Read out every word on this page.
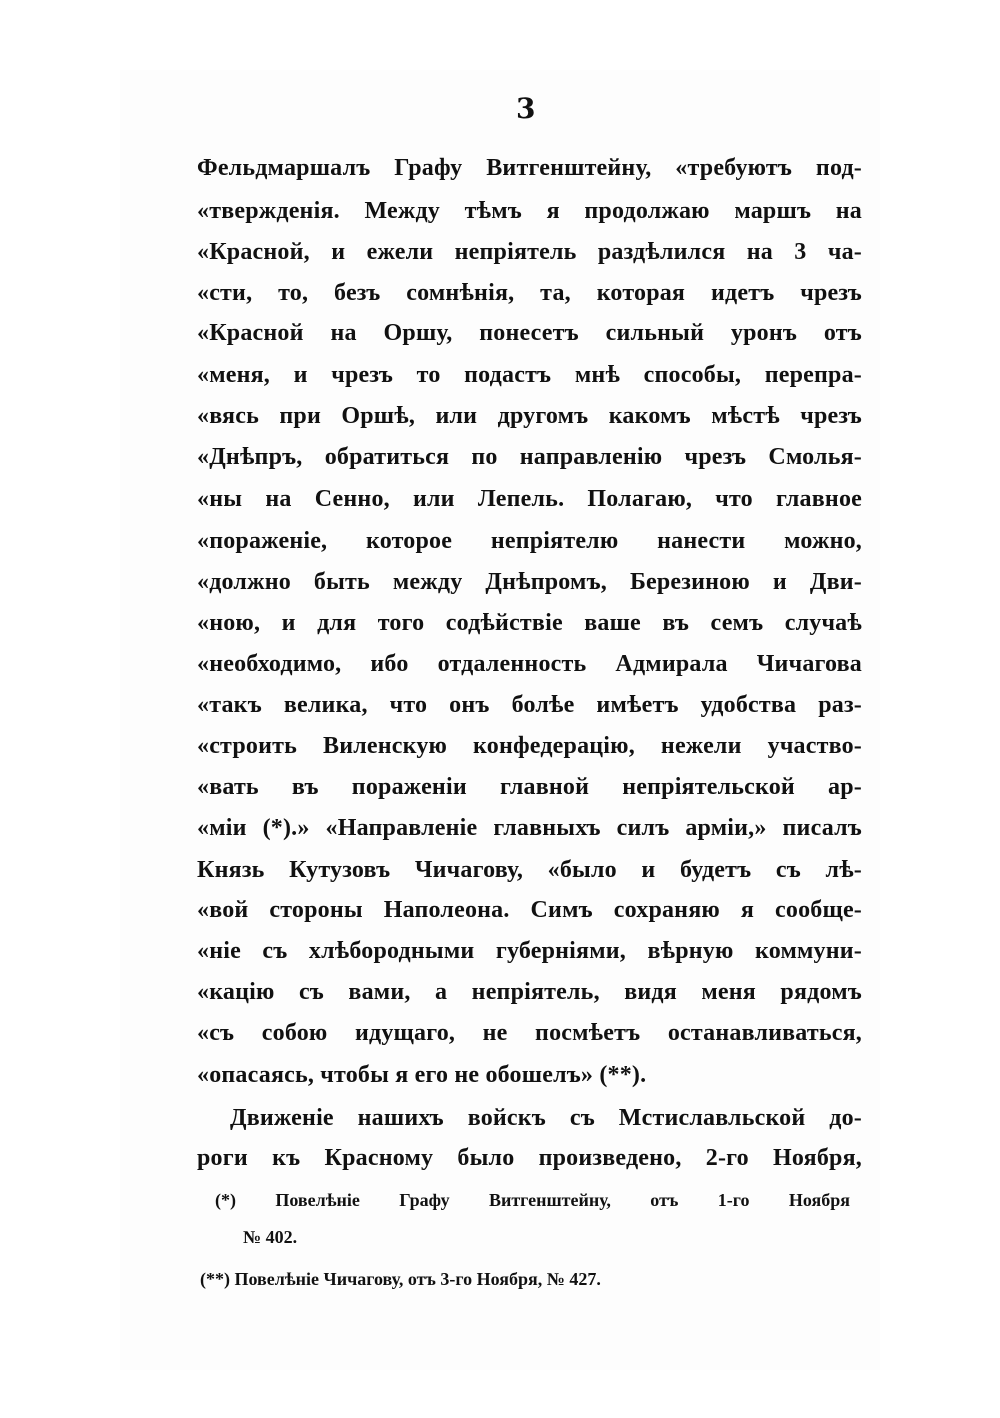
3
Фельдмаршалъ Графу Витгенштейну, «требуютъ под-
«твержденія. Между тѣмъ я продолжаю маршъ на
«Красной, и ежели непріятель раздѣлился на 3 ча-
«сти, то, безъ сомнѣнія, та, которая идетъ чрезъ
«Красной на Оршу, понесетъ сильный уронъ отъ
«меня, и чрезъ то подастъ мнѣ способы, перепра-
«вясь при Оршѣ, или другомъ какомъ мѣстѣ чрезъ
«Днѣпръ, обратиться по направленію чрезъ Смолья-
«ны на Сенно, или Лепель. Полагаю, что главное
«пораженіе, которое непріятелю нанести можно,
«должно быть между Днѣпромъ, Березиною и Дви-
«ною, и для того содѣйствіе ваше въ семъ случаѣ
«необходимо, ибо отдаленность Адмирала Чичагова
«такъ велика, что онъ болѣе имѣетъ удобства раз-
«строить Виленскую конфедерацію, нежели участво-
«вать въ пораженіи главной непріятельской ар-
«міи (*).» «Направленіе главныхъ силъ арміи,» писалъ
Князь Кутузовъ Чичагову, «было и будетъ съ лѣ-
«вой стороны Наполеона. Симъ сохраняю я сообще-
«ніе съ хлѣбородными губерніями, вѣрную коммуни-
«кацію съ вами, а непріятель, видя меня рядомъ
«съ собою идущаго, не посмѣетъ останавливаться,
«опасаясь, чтобы я его не обошелъ» (**).
Движеніе нашихъ войскъ съ Мстиславльской до-
роги къ Красному было произведено, 2-го Ноября,
(*) Повелѣніе Графу Витгенштейну, отъ 1-го Ноября
№ 402.
(**) Повелѣніе Чичагову, отъ 3-го Ноября, № 427.
